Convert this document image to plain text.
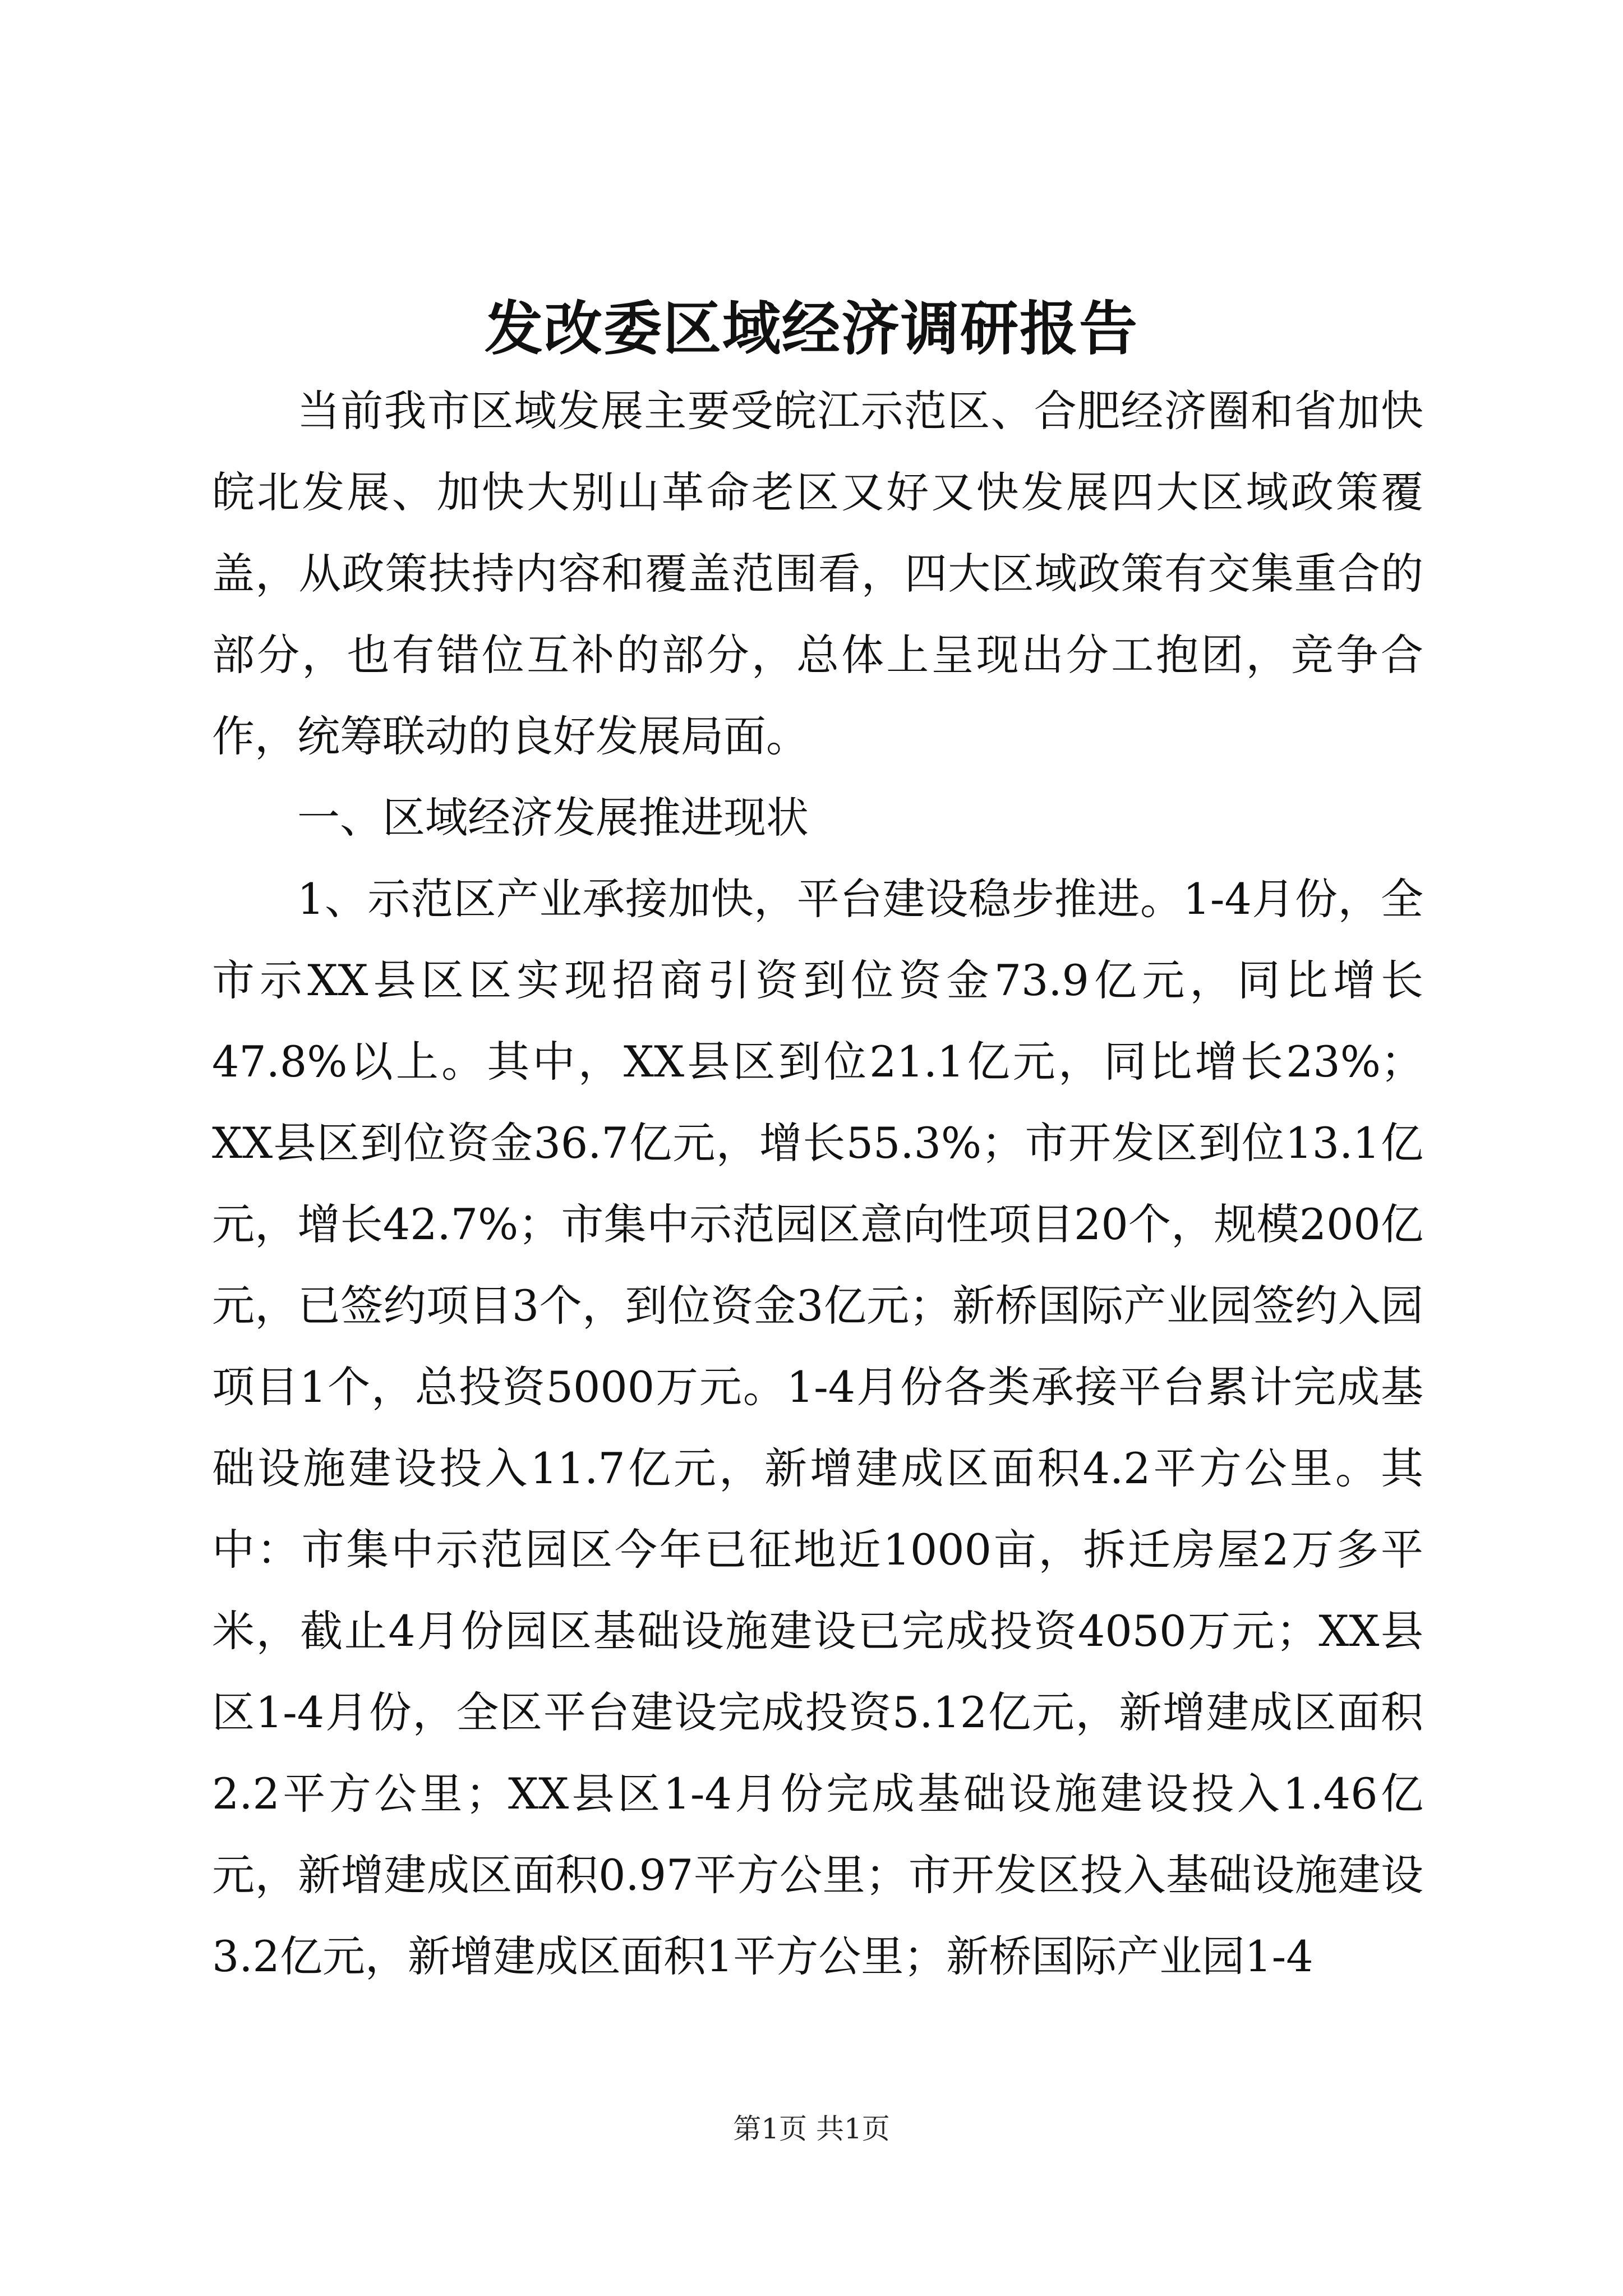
发改委区域经济调研报告

当前我市区域发展主要受皖江示范区、合肥经济圈和省加快皖北发展、加快大别山革命老区又好又快发展四大区域政策覆盖，从政策扶持内容和覆盖范围看，四大区域政策有交集重合的部分，也有错位互补的部分，总体上呈现出分工抱团，竞争合作，统筹联动的良好发展局面。

一、区域经济发展推进现状

1、示范区产业承接加快，平台建设稳步推进。1-4月份，全市示XX县区区实现招商引资到位资金73.9亿元，同比增长47.8%以上。其中，XX县区到位21.1亿元，同比增长23%；XX县区到位资金36.7亿元，增长55.3%；市开发区到位13.1亿元，增长42.7%；市集中示范园区意向性项目20个，规模200亿元，已签约项目3个，到位资金3亿元；新桥国际产业园签约入园项目1个，总投资5000万元。1-4月份各类承接平台累计完成基础设施建设投入11.7亿元，新增建成区面积4.2平方公里。其中：市集中示范园区今年已征地近1000亩，拆迁房屋2万多平米，截止4月份园区基础设施建设已完成投资4050万元；XX县区1-4月份，全区平台建设完成投资5.12亿元，新增建成区面积2.2平方公里；XX县区1-4月份完成基础设施建设投入1.46亿元，新增建成区面积0.97平方公里；市开发区投入基础设施建设3.2亿元，新增建成区面积1平方公里；新桥国际产业园1-4

第1页 共1页
